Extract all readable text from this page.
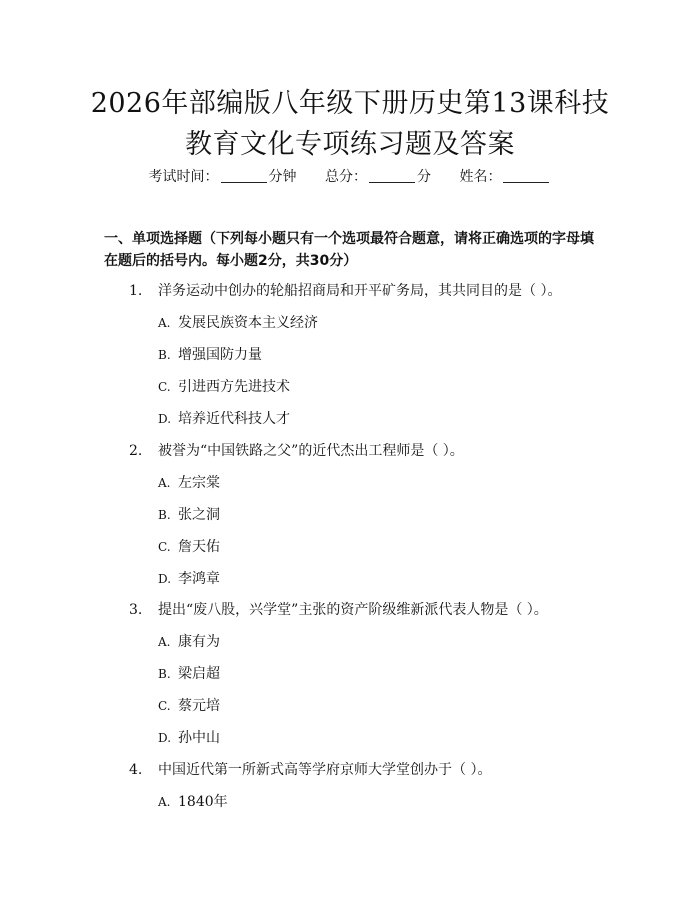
2026年部编版八年级下册历史第13课科技
教育文化专项练习题及答案
考试时间：	分钟 总分：	分 姓名：
一、单项选择题（下列每小题只有一个选项最符合题意，请将正确选项的字母填在题后的括号内。每小题2分，共30分）
1. 洋务运动中创办的轮船招商局和开平矿务局，其共同目的是（ ）。
A. 发展民族资本主义经济
B. 增强国防力量
C. 引进西方先进技术
D. 培养近代科技人才
2. 被誉为“中国铁路之父”的近代杰出工程师是（ ）。
A. 左宗棠
B. 张之洞
C. 詹天佑
D. 李鸿章
3. 提出“废八股，兴学堂”主张的资产阶级维新派代表人物是（ ）。
A. 康有为
B. 梁启超
C. 蔡元培
D. 孙中山
4. 中国近代第一所新式高等学府京师大学堂创办于（ ）。
A. 1840年
